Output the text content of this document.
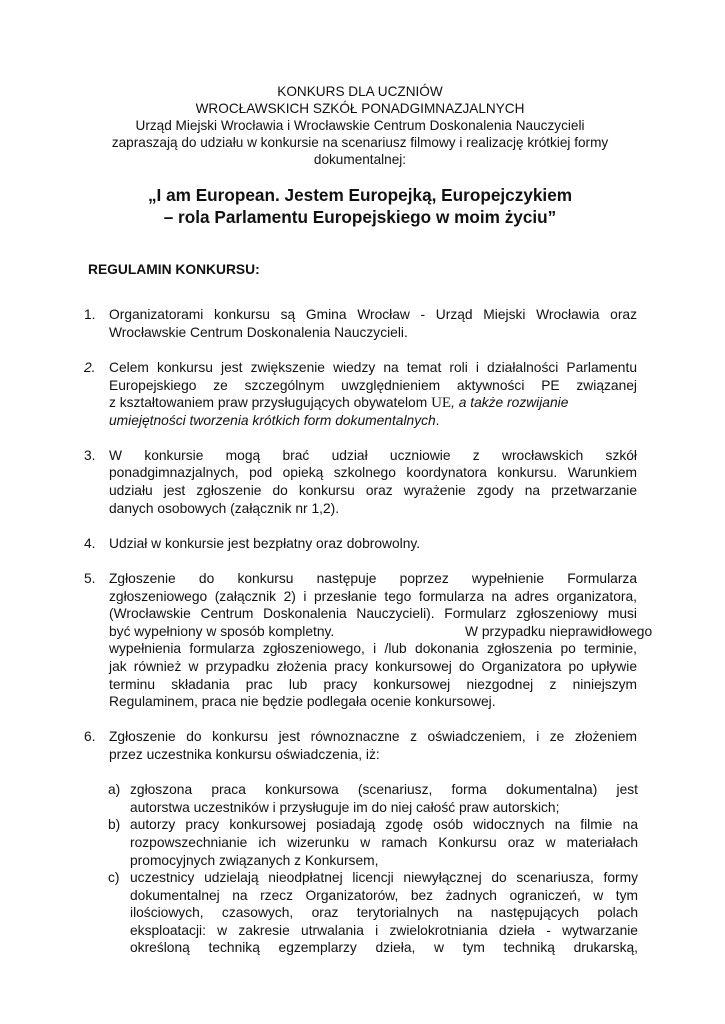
KONKURS DLA UCZNIÓW
WROCŁAWSKICH SZKÓŁ PONADGIMNAZJALNYCH
Urząd Miejski Wrocławia i Wrocławskie Centrum Doskonalenia Nauczycieli
zapraszają do udziału w konkursie na scenariusz filmowy i realizację krótkiej formy
dokumentalnej:
„I am European. Jestem Europejką, Europejczykiem
– rola Parlamentu Europejskiego w moim życiu”
REGULAMIN KONKURSU:
1. Organizatorami konkursu są Gmina Wrocław - Urząd Miejski Wrocławia oraz
Wrocławskie Centrum Doskonalenia Nauczycieli.
2. Celem konkursu jest zwiększenie wiedzy na temat roli i działalności Parlamentu
Europejskiego ze szczególnym uwzględnieniem aktywności PE związanej
z kształtowaniem praw przysługujących obywatelom UE, a także rozwijanie
umiejętności tworzenia krótkich form dokumentalnych.
3. W konkursie mogą brać udział uczniowie z wrocławskich szkół
ponadgimnazjalnych, pod opieką szkolnego koordynatora konkursu. Warunkiem
udziału jest zgłoszenie do konkursu oraz wyrażenie zgody na przetwarzanie
danych osobowych (załącznik nr 1,2).
4. Udział w konkursie jest bezpłatny oraz dobrowolny.
5. Zgłoszenie do konkursu następuje poprzez wypełnienie Formularza
zgłoszeniowego (załącznik 2) i przesłanie tego formularza na adres organizatora,
(Wrocławskie Centrum Doskonalenia Nauczycieli). Formularz zgłoszeniowy musi
być wypełniony w sposób kompletny.	W przypadku nieprawidłowego
wypełnienia formularza zgłoszeniowego, i /lub dokonania zgłoszenia po terminie,
jak również w przypadku złożenia pracy konkursowej do Organizatora po upływie
terminu składania prac lub pracy konkursowej niezgodnej z niniejszym
Regulaminem, praca nie będzie podlegała ocenie konkursowej.
6. Zgłoszenie do konkursu jest równoznaczne z oświadczeniem, i ze złożeniem
przez uczestnika konkursu oświadczenia, iż:
a) zgłoszona praca konkursowa (scenariusz, forma dokumentalna) jest
autorstwa uczestników i przysługuje im do niej całość praw autorskich;
b) autorzy pracy konkursowej posiadają zgodę osób widocznych na filmie na
rozpowszechnianie ich wizerunku w ramach Konkursu oraz w materiałach
promocyjnych związanych z Konkursem,
c) uczestnicy udzielają nieodpłatnej licencji niewyłącznej do scenariusza, formy
dokumentalnej na rzecz Organizatorów, bez żadnych ograniczeń, w tym
ilościowych, czasowych, oraz terytorialnych na następujących polach
eksploatacji: w zakresie utrwalania i zwielokrotniania dzieła - wytwarzanie
określoną techniką egzemplarzy dzieła, w tym techniką drukarską,
